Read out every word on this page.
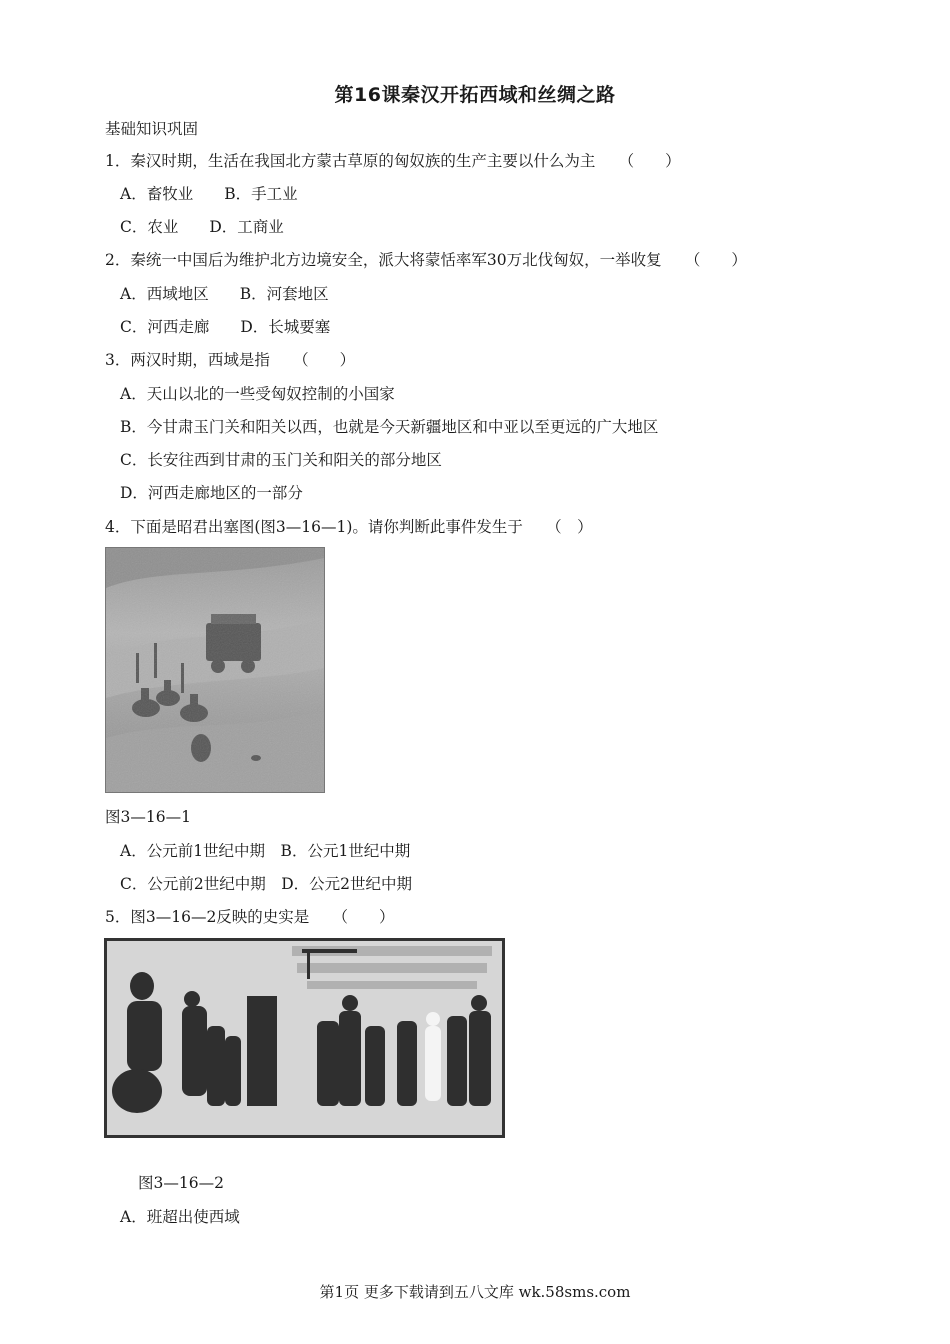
第16课秦汉开拓西域和丝绸之路
基础知识巩固
1．秦汉时期，生活在我国北方蒙古草原的匈奴族的生产主要以什么为主　　（　　）
A．畜牧业　　B．手工业
C．农业　　D．工商业
2．秦统一中国后为维护北方边境安全，派大将蒙恬率军30万北伐匈奴，一举收复　　（　　）
A．西域地区　　B．河套地区
C．河西走廊　　D．长城要塞
3．两汉时期，西域是指　　（　　）
A．天山以北的一些受匈奴控制的小国家
B．今甘肃玉门关和阳关以西，也就是今天新疆地区和中亚以至更远的广大地区
C．长安往西到甘肃的玉门关和阳关的部分地区
D．河西走廊地区的一部分
4．下面是昭君出塞图(图3—16—1)。请你判断此事件发生于　　（　）
图3—16—1
A．公元前1世纪中期　B．公元1世纪中期
C．公元前2世纪中期　D．公元2世纪中期
5．图3—16—2反映的史实是　　（　　）
图3—16—2
A．班超出使西域
第1页 更多下载请到五八文库 wk.58sms.com
